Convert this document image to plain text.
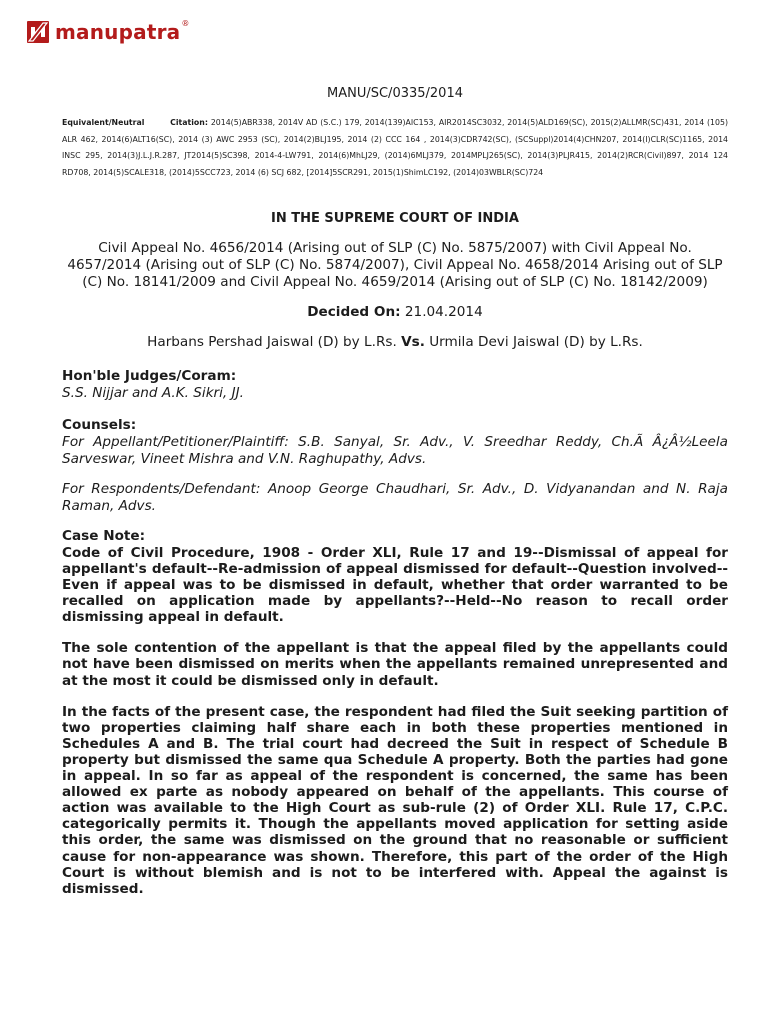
manupatra ®

MANU/SC/0335/2014

Equivalent/Neutral	Citation: 2014(5)ABR338, 2014V AD (S.C.) 179, 2014(139)AIC153, AIR2014SC3032, 2014(5)ALD169(SC), 2015(2)ALLMR(SC)431, 2014 (105) ALR 462, 2014(6)ALT16(SC), 2014 (3) AWC 2953 (SC), 2014(2)BLJ195, 2014 (2) CCC 164 , 2014(3)CDR742(SC), (SCSuppl)2014(4)CHN207, 2014(I)CLR(SC)1165, 2014 INSC 295, 2014(3)J.L.J.R.287, JT2014(5)SC398, 2014-4-LW791, 2014(6)MhLJ29, (2014)6MLJ379, 2014MPLJ265(SC), 2014(3)PLJR415, 2014(2)RCR(Civil)897, 2014 124 RD708, 2014(5)SCALE318, (2014)5SCC723, 2014 (6) SCJ 682, [2014]5SCR291, 2015(1)ShimLC192, (2014)03WBLR(SC)724

IN THE SUPREME COURT OF INDIA

Civil Appeal No. 4656/2014 (Arising out of SLP (C) No. 5875/2007) with Civil Appeal No. 4657/2014 (Arising out of SLP (C) No. 5874/2007), Civil Appeal No. 4658/2014 Arising out of SLP (C) No. 18141/2009 and Civil Appeal No. 4659/2014 (Arising out of SLP (C) No. 18142/2009)

Decided On: 21.04.2014

Harbans Pershad Jaiswal (D) by L.Rs. Vs. Urmila Devi Jaiswal (D) by L.Rs.

Hon'ble Judges/Coram:

S.S. Nijjar and A.K. Sikri, JJ.

Counsels:

For Appellant/Petitioner/Plaintiff: S.B. Sanyal, Sr. Adv., V. Sreedhar Reddy, Ch.Ã Â¿Â½Leela Sarveswar, Vineet Mishra and V.N. Raghupathy, Advs.

For Respondents/Defendant: Anoop George Chaudhari, Sr. Adv., D. Vidyanandan and N. Raja Raman, Advs.

Case Note:

Code of Civil Procedure, 1908 - Order XLI, Rule 17 and 19--Dismissal of appeal for appellant's default--Re-admission of appeal dismissed for default--Question involved--Even if appeal was to be dismissed in default, whether that order warranted to be recalled on application made by appellants?--Held--No reason to recall order dismissing appeal in default.

The sole contention of the appellant is that the appeal filed by the appellants could not have been dismissed on merits when the appellants remained unrepresented and at the most it could be dismissed only in default.

In the facts of the present case, the respondent had filed the Suit seeking partition of two properties claiming half share each in both these properties mentioned in Schedules A and B. The trial court had decreed the Suit in respect of Schedule B property but dismissed the same qua Schedule A property. Both the parties had gone in appeal. In so far as appeal of the respondent is concerned, the same has been allowed ex parte as nobody appeared on behalf of the appellants. This course of action was available to the High Court as sub-rule (2) of Order XLI. Rule 17, C.P.C. categorically permits it. Though the appellants moved application for setting aside this order, the same was dismissed on the ground that no reasonable or sufficient cause for non-appearance was shown. Therefore, this part of the order of the High Court is without blemish and is not to be interfered with. Appeal the against is dismissed.
